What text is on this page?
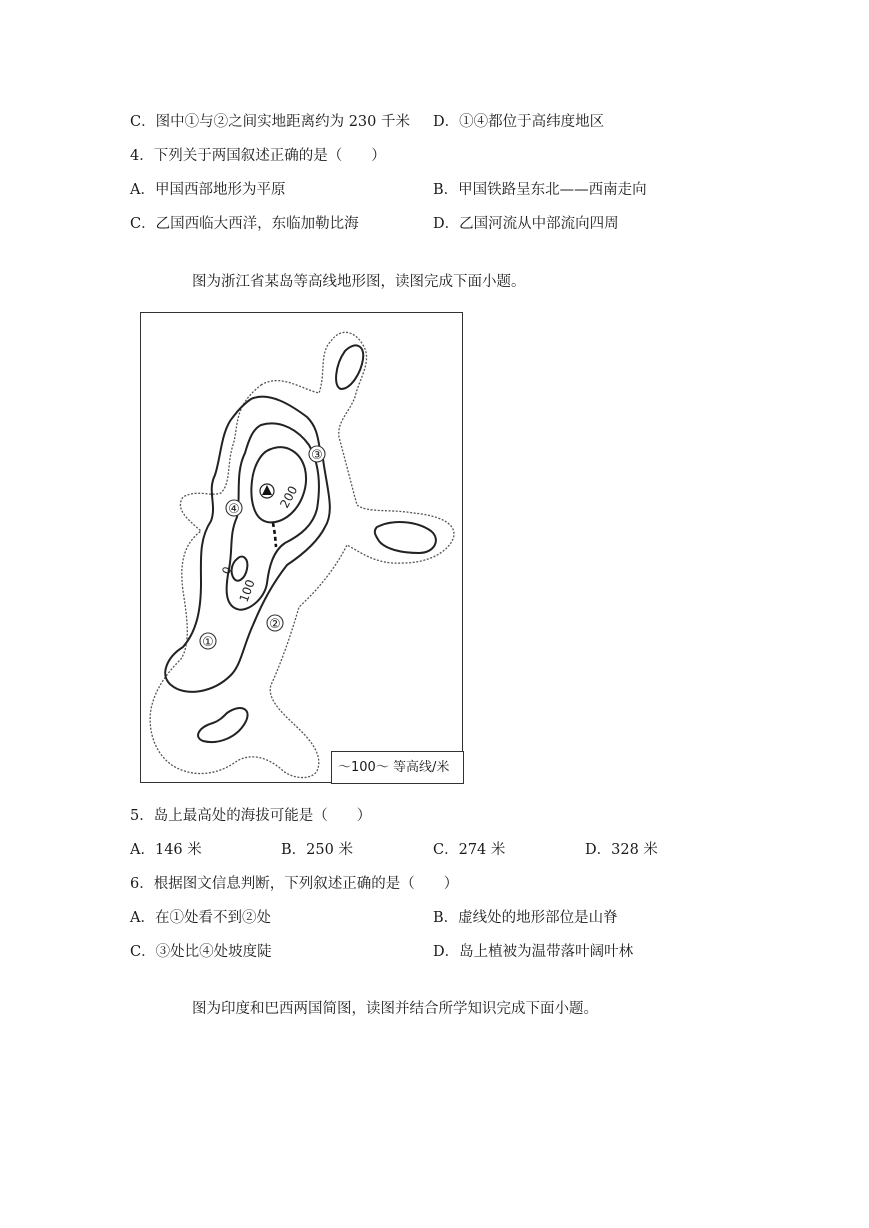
C．图中①与②之间实地距离约为 230 千米 D．①④都位于高纬度地区
4．下列关于两国叙述正确的是（　　）
A．甲国西部地形为平原	B．甲国铁路呈东北——西南走向
C．乙国西临大西洋，东临加勒比海	D．乙国河流从中部流向四周
图为浙江省某岛等高线地形图，读图完成下面小题。
①
②
③
④	200
100
0
～100～ 等高线/米
5．岛上最高处的海拔可能是（　　）
A．146 米	B．250 米	C．274 米	D．328 米
6．根据图文信息判断，下列叙述正确的是（　　）
A．在①处看不到②处	B．虚线处的地形部位是山脊
C．③处比④处坡度陡	D．岛上植被为温带落叶阔叶林
图为印度和巴西两国简图，读图并结合所学知识完成下面小题。
